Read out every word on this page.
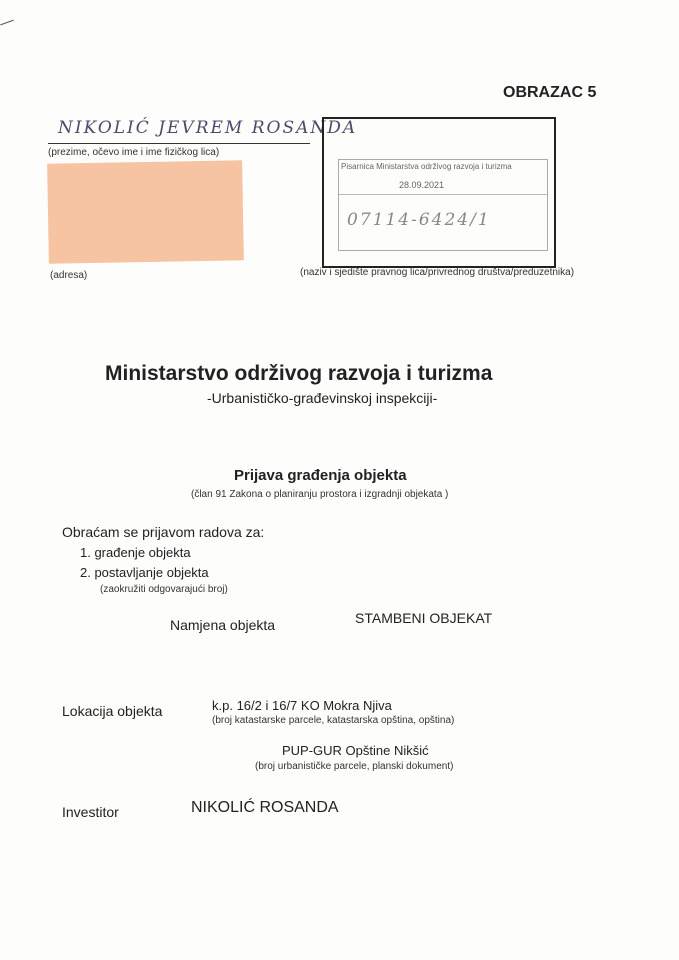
OBRAZAC 5
NIKOLIĆ JEVREM ROSANDA
(prezime, očevo ime i ime fizičkog lica)
(adresa)
Pisarnica Ministarstva održivog razvoja i turizma
28.09.2021
07114-6424/1
(naziv i sjedište pravnog lica/privrednog društva/preduzetnika)
Ministarstvo održivog razvoja i turizma
-Urbanističko-građevinskoj inspekciji-
Prijava građenja objekta
(član 91 Zakona o planiranju prostora i izgradnji objekata )
Obraćam se prijavom radova za:
1. građenje objekta
2. postavljanje objekta
(zaokružiti odgovarajući broj)
Namjena objekta	STAMBENI OBJEKAT
Lokacija objekta	k.p. 16/2 i 16/7 KO Mokra Njiva
(broj katastarske parcele, katastarska opština, opština)
PUP-GUR Opštine Nikšić
(broj urbanističke parcele, planski dokument)
Investitor	NIKOLIĆ ROSANDA
